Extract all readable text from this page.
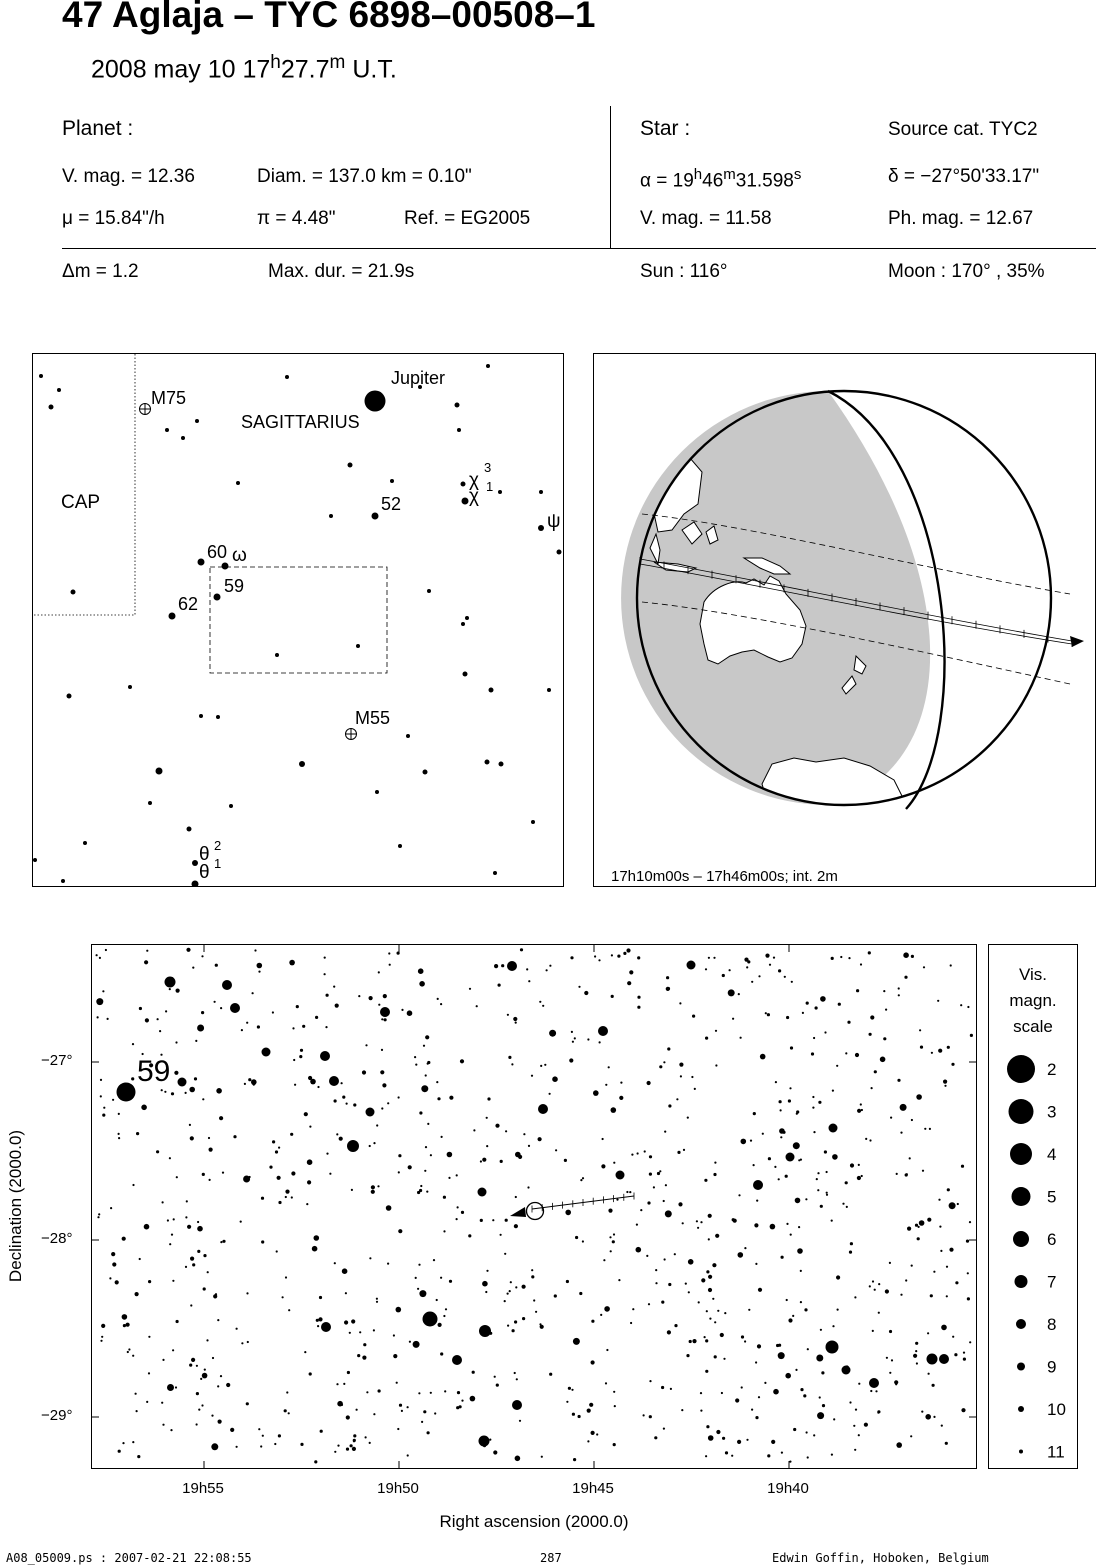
47 Aglaja – TYC 6898–00508–1
2008 may 10 17$^h$27.7$^m$ U.T.
Planet :
V. mag. = 12.36	Diam. = 137.0 km = 0.10"
μ = 15.84"/h	π = 4.48"	Ref. = EG2005
Star :	Source cat. TYC2
$\alpha = 19^h46^m31.598^s$	δ = −27°50'33.17"
V. mag. = 11.58	Ph. mag. = 12.67
Δm = 1.2	Max. dur. = 21.9s	Sun : 116°	Moon : 170° , 35%
Jupiter
M75
SAGITTARIUS
CAP
χ
3
χ 1
52
ψ
60 ω
59
62
M55
θ 2
θ 1
17h10m00s – 17h46m00s; int. 2m
59
−27°
−28°
−29°
Declination (2000.0)
19h55	19h50	19h45	19h40
Right ascension (2000.0)
Vis.
magn.
scale
2
3
4
5
6
7
8
9
10
11
A08_05009.ps : 2007-02-21 22:08:55	287	Edwin Goffin, Hoboken, Belgium
